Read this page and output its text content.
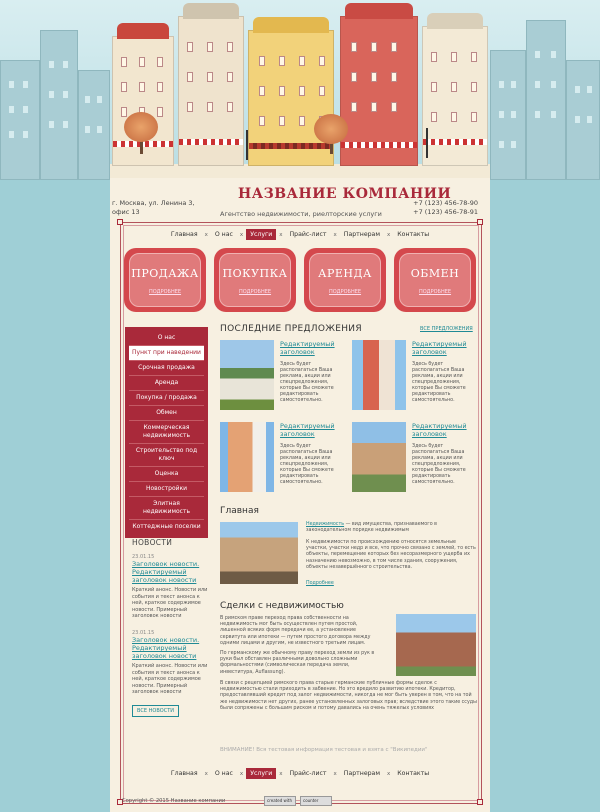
г. Москва, ул. Ленина 3,
офис 13
НАЗВАНИЕ КОМПАНИИ
Агентство недвижимости, риелторские услуги
+7 (123) 456-78-90
+7 (123) 456-78-91
Главная	x	О нас	x	Услуги	x	Прайс-лист	x	Партнерам	x	Контакты
ПРОДАЖА
ПОДРОБНЕЕ
ПОКУПКА
ПОДРОБНЕЕ
АРЕНДА
ПОДРОБНЕЕ
ОБМЕН
ПОДРОБНЕЕ
О нас
Пункт при наведении
Срочная продажа
Аренда
Покупка / продажа
Обмен
Коммерческая недвижимость
Строительство под ключ
Оценка
Новостройки
Элитная недвижимость
Коттеджные поселки
НОВОСТИ
23.01.15
Заголовок новости. Редактируемый заголовок новости
Краткий анонс. Новости или события и текст анонса к ней, краткое содержимое новости. Примерный заголовок новости
23.01.15
Заголовок новости. Редактируемый заголовок новости
Краткий анонс. Новости или события и текст анонса к ней, краткое содержимое новости. Примерный заголовок новости
ВСЕ НОВОСТИ
ПОСЛЕДНИЕ ПРЕДЛОЖЕНИЯ	ВСЕ ПРЕДЛОЖЕНИЯ
Редактируемый заголовок
Здесь будет располагаться Ваша реклама, акции или спецпредложения, которые Вы сможете редактировать самостоятельно.
Редактируемый заголовок
Здесь будет располагаться Ваша реклама, акции или спецпредложения, которые Вы сможете редактировать самостоятельно.
Редактируемый заголовок
Здесь будет располагаться Ваша реклама, акции или спецпредложения, которые Вы сможете редактировать самостоятельно.
Редактируемый заголовок
Здесь будет располагаться Ваша реклама, акции или спецпредложения, которые Вы сможете редактировать самостоятельно.
Главная
Недвижимость — вид имущества, признаваемого в законодательном порядке недвижимым
К недвижимости по происхождению относятся земельные участки, участки недр и все, что прочно связано с землей, то есть объекты, перемещение которых без несоразмерного ущерба их назначению невозможно, в том числе здания, сооружения, объекты незавершённого строительства.
Подробнее
Сделки с недвижимостью
В римском праве переход права собственности на недвижимость мог быть осуществлен путем простой, лишенной всяких форм передачи ее, а установление сервитута или ипотеки — путем простого договора между одними лицами и другим, не известного третьим лицам.
По германскому же обычному праву переход земли из рук в руки был обставлен различными довольно сложными формальностями (символическая передача земли, инвеститура, Auflassung).
В связи с рецепцией римского права старые германские публичные формы сделок с недвижимостью стали приходить в забвение. Но это вредило развитию ипотеки. Кредитор, предоставлявший кредит под залог недвижимости, никогда не мог быть уверен в том, что на той же недвижимости нет других, ранее установленных залоговых прав; вследствие этого такие ссуды были сопряжены с большим риском и потому давались на очень тяжелых условиях
ВНИМАНИЕ! Вся тестовая информация тестовая и взята с "Википедии"
Главная	x	О нас	x	Услуги	x	Прайс-лист	x	Партнерам	x	Контакты
Copyright © 2015 Название компании	created with	counter
